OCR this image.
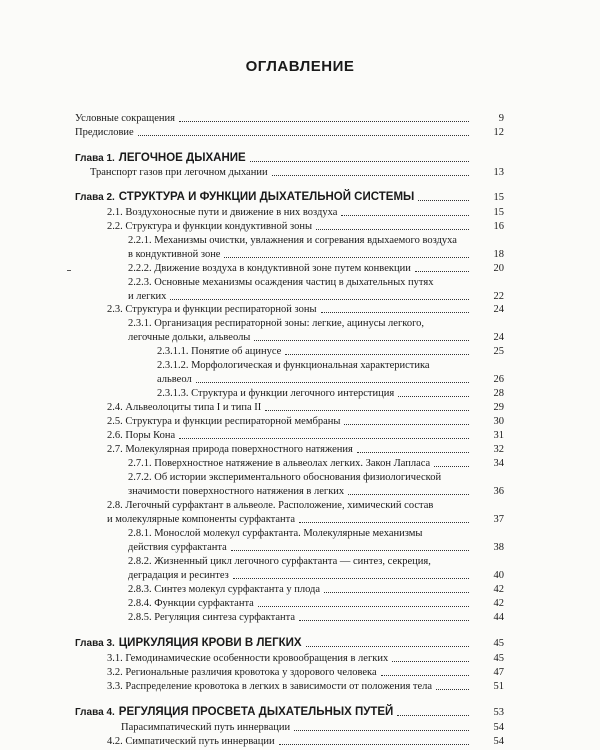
ОГЛАВЛЕНИЕ
Условные сокращения	9
Предисловие	12
Глава 1. ЛЕГОЧНОЕ ДЫХАНИЕ
Транспорт газов при легочном дыхании	13
Глава 2. СТРУКТУРА И ФУНКЦИИ ДЫХАТЕЛЬНОЙ СИСТЕМЫ	15
2.1. Воздухоносные пути и движение в них воздуха	15
2.2. Структура и функции кондуктивной зоны	16
2.2.1. Механизмы очистки, увлажнения и согревания вдыхаемого воздуха
в кондуктивной зоне	18
2.2.2. Движение воздуха в кондуктивной зоне путем конвекции	20
2.2.3. Основные механизмы осаждения частиц в дыхательных путях
и легких	22
2.3. Структура и функции респираторной зоны	24
2.3.1. Организация респираторной зоны: легкие, ацинусы легкого,
легочные дольки, альвеолы	24
2.3.1.1. Понятие об ацинусе	25
2.3.1.2. Морфологическая и функциональная характеристика
альвеол	26
2.3.1.3. Структура и функции легочного интерстиция	28
2.4. Альвеолоциты типа I и типа II	29
2.5. Структура и функции респираторной мембраны	30
2.6. Поры Кона	31
2.7. Молекулярная природа поверхностного натяжения	32
2.7.1. Поверхностное натяжение в альвеолах легких. Закон Лапласа	34
2.7.2. Об истории экспериментального обоснования физиологической
значимости поверхностного натяжения в легких	36
2.8. Легочный сурфактант в альвеоле. Расположение, химический состав
и молекулярные компоненты сурфактанта	37
2.8.1. Монослой молекул сурфактанта. Молекулярные механизмы
действия сурфактанта	38
2.8.2. Жизненный цикл легочного сурфактанта — синтез, секреция,
деградация и ресинтез	40
2.8.3. Синтез молекул сурфактанта у плода	42
2.8.4. Функции сурфактанта	42
2.8.5. Регуляция синтеза сурфактанта	44
Глава 3. ЦИРКУЛЯЦИЯ КРОВИ В ЛЕГКИХ	45
3.1. Гемодинамические особенности кровообращения в легких	45
3.2. Региональные различия кровотока у здорового человека	47
3.3. Распределение кровотока в легких в зависимости от положения тела	51
Глава 4. РЕГУЛЯЦИЯ ПРОСВЕТА ДЫХАТЕЛЬНЫХ ПУТЕЙ	53
Парасимпатический путь иннервации	54
4.2. Симпатический путь иннервации	54
